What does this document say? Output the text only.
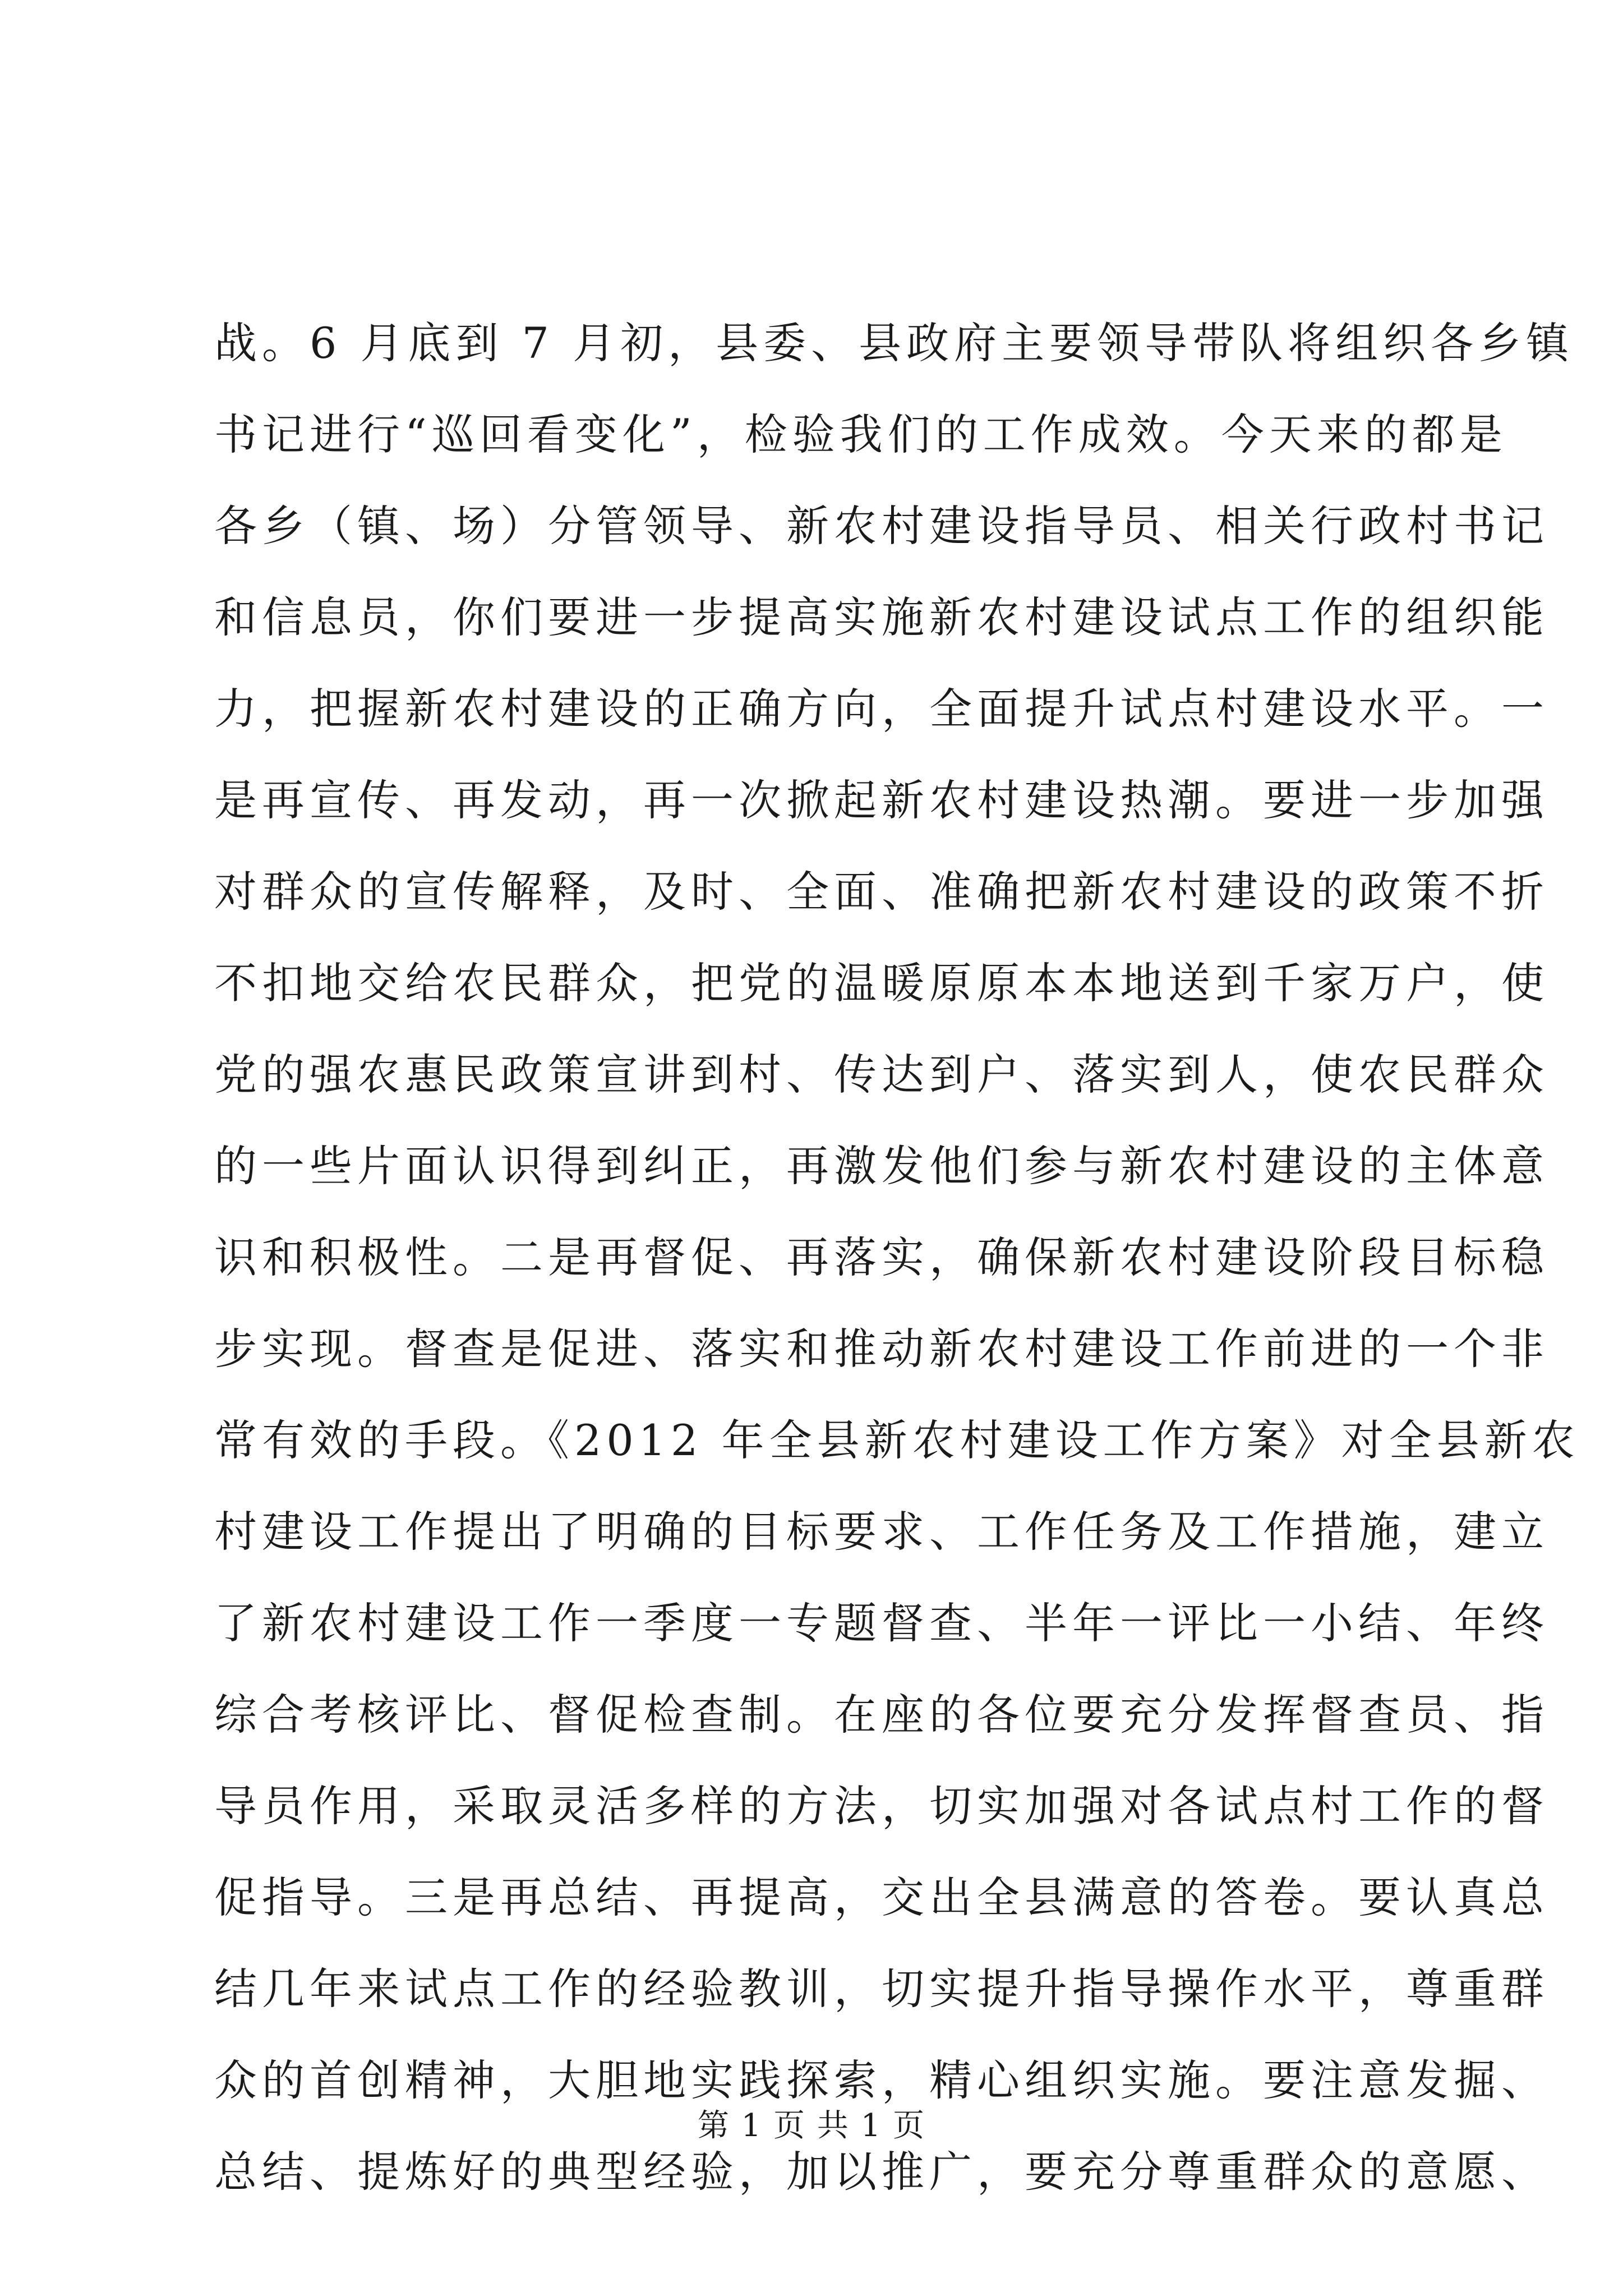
战。6 月底到 7 月初，县委、县政府主要领导带队将组织各乡镇
书记进行“巡回看变化”，检验我们的工作成效。今天来的都是
各乡（镇、场）分管领导、新农村建设指导员、相关行政村书记
和信息员，你们要进一步提高实施新农村建设试点工作的组织能
力，把握新农村建设的正确方向，全面提升试点村建设水平。一
是再宣传、再发动，再一次掀起新农村建设热潮。要进一步加强
对群众的宣传解释，及时、全面、准确把新农村建设的政策不折
不扣地交给农民群众，把党的温暖原原本本地送到千家万户，使
党的强农惠民政策宣讲到村、传达到户、落实到人，使农民群众
的一些片面认识得到纠正，再激发他们参与新农村建设的主体意
识和积极性。二是再督促、再落实，确保新农村建设阶段目标稳
步实现。督查是促进、落实和推动新农村建设工作前进的一个非
常有效的手段。《2012 年全县新农村建设工作方案》对全县新农
村建设工作提出了明确的目标要求、工作任务及工作措施，建立
了新农村建设工作一季度一专题督查、半年一评比一小结、年终
综合考核评比、督促检查制。在座的各位要充分发挥督查员、指
导员作用，采取灵活多样的方法，切实加强对各试点村工作的督
促指导。三是再总结、再提高，交出全县满意的答卷。要认真总
结几年来试点工作的经验教训，切实提升指导操作水平，尊重群
众的首创精神，大胆地实践探索，精心组织实施。要注意发掘、
总结、提炼好的典型经验，加以推广，要充分尊重群众的意愿、
第 1 页 共 1 页
